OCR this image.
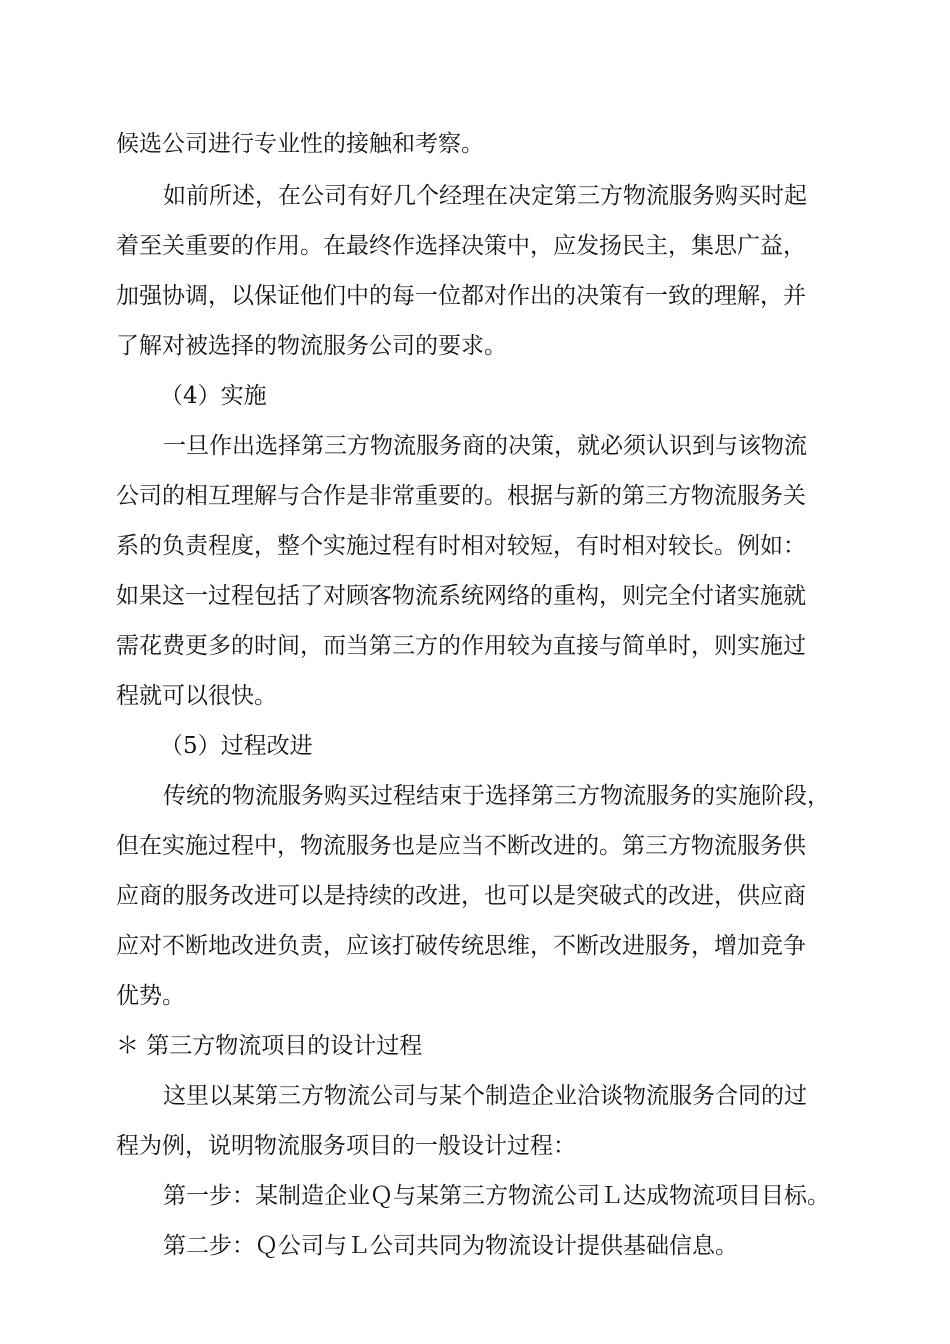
候选公司进行专业性的接触和考察。
如前所述，在公司有好几个经理在决定第三方物流服务购买时起
着至关重要的作用。在最终作选择决策中，应发扬民主，集思广益，
加强协调，以保证他们中的每一位都对作出的决策有一致的理解，并
了解对被选择的物流服务公司的要求。
（4）实施
一旦作出选择第三方物流服务商的决策，就必须认识到与该物流
公司的相互理解与合作是非常重要的。根据与新的第三方物流服务关
系的负责程度，整个实施过程有时相对较短，有时相对较长。例如：
如果这一过程包括了对顾客物流系统网络的重构，则完全付诸实施就
需花费更多的时间，而当第三方的作用较为直接与简单时，则实施过
程就可以很快。
（5）过程改进
传统的物流服务购买过程结束于选择第三方物流服务的实施阶段，
但在实施过程中，物流服务也是应当不断改进的。第三方物流服务供
应商的服务改进可以是持续的改进，也可以是突破式的改进，供应商
应对不断地改进负责，应该打破传统思维，不断改进服务，增加竞争
优势。
＊ 第三方物流项目的设计过程
这里以某第三方物流公司与某个制造企业洽谈物流服务合同的过
程为例，说明物流服务项目的一般设计过程：
第一步：某制造企业Ｑ与某第三方物流公司Ｌ达成物流项目目标。
第二步：Ｑ公司与Ｌ公司共同为物流设计提供基础信息。
